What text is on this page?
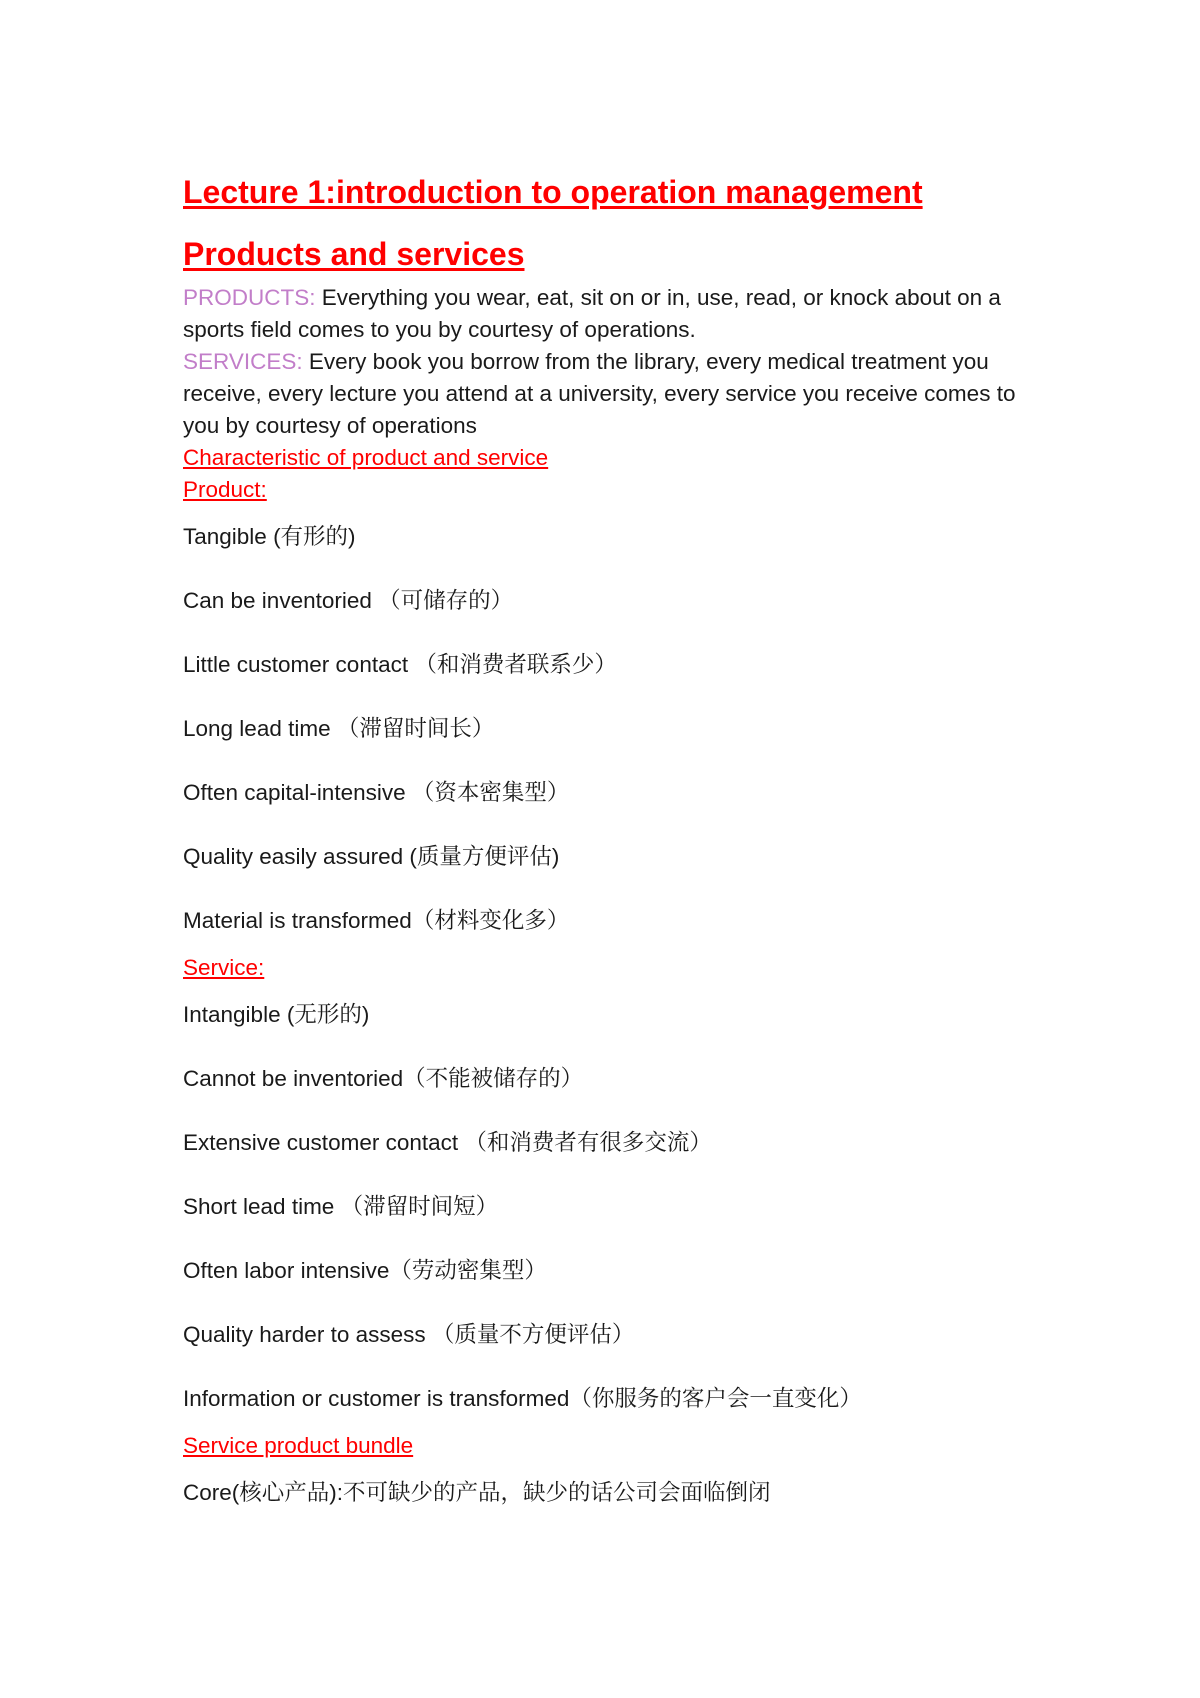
Lecture 1:introduction to operation management
Products and services

PRODUCTS: Everything you wear, eat, sit on or in, use, read, or knock about on a sports field comes to you by courtesy of operations.

SERVICES: Every book you borrow from the library, every medical treatment you receive, every lecture you attend at a university, every service you receive comes to you by courtesy of operations

Characteristic of product and service
Product:
Tangible (有形的)
Can be inventoried （可储存的）
Little customer contact （和消费者联系少）
Long lead time （滞留时间长）
Often capital-intensive （资本密集型）
Quality easily assured (质量方便评估)
Material is transformed（材料变化多）
Service:
Intangible (无形的)
Cannot be inventoried（不能被储存的）
Extensive customer contact （和消费者有很多交流）
Short lead time （滞留时间短）
Often labor intensive（劳动密集型）
Quality harder to assess （质量不方便评估）
Information or customer is transformed（你服务的客户会一直变化）
Service product bundle
Core(核心产品):不可缺少的产品，缺少的话公司会面临倒闭
